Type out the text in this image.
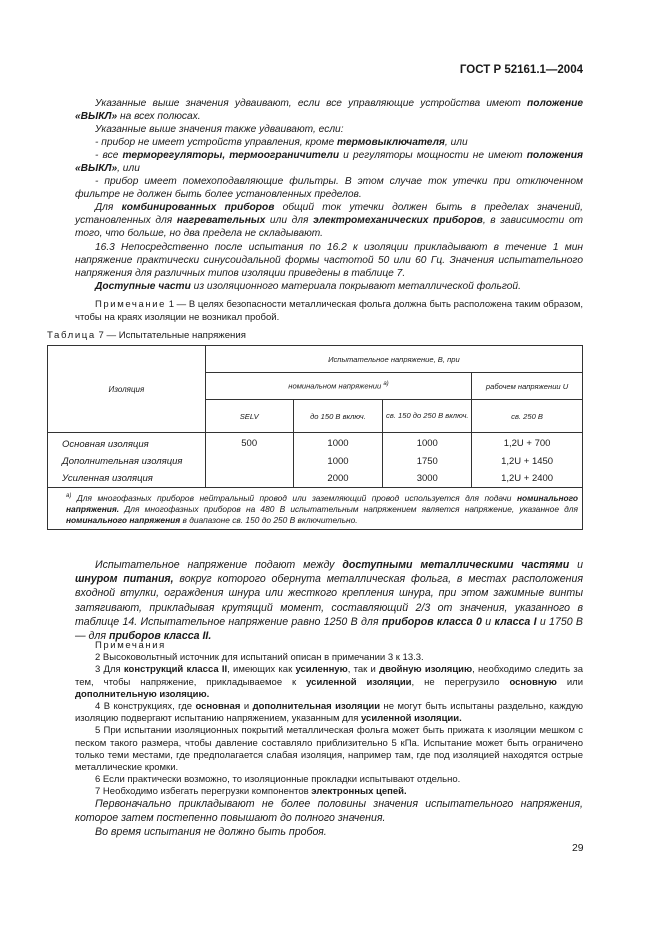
ГОСТ Р 52161.1—2004

Указанные выше значения удваивают, если все управляющие устройства имеют положение «ВЫКЛ» на всех полюсах.

Указанные выше значения также удваивают, если:

- прибор не имеет устройств управления, кроме термовыключателя, или

- все терморегуляторы, термоограничители и регуляторы мощности не имеют положения «ВЫКЛ», или

- прибор имеет помехоподавляющие фильтры. В этом случае ток утечки при отключенном фильтре не должен быть более установленных пределов.

Для комбинированных приборов общий ток утечки должен быть в пределах значений, установленных для нагревательных или для электромеханических приборов, в зависимости от того, что больше, но два предела не складывают.

16.3 Непосредственно после испытания по 16.2 к изоляции прикладывают в течение 1 мин напряжение практически синусоидальной формы частотой 50 или 60 Гц. Значения испытательного напряжения для различных типов изоляции приведены в таблице 7.

Доступные части из изоляционного материала покрывают металлической фольгой.

Примечание 1 — В целях безопасности металлическая фольга должна быть расположена таким образом, чтобы на краях изоляции не возникал пробой.

Таблица 7 — Испытательные напряжения
Изоляция	Испытательное напряжение, В, при			
	номинальном напряжении $^{a)}$			рабочем напряжении U
	SELV	до 150 В включ.	св. 150 до 250 В включ.	св. 250 В
Основная изоляция	500	1000	1000	1,2U + 700
Дополнительная изоляция		1000	1750	1,2U + 1450
Усиленная изоляция		2000	3000	1,2U + 2400
$^{a)}$ Для многофазных приборов нейтральный провод или заземляющий провод используется для подачи номинального напряжения. Для многофазных приборов на 480 В испытательным напряжением является напряжение, указанное для номинального напряжения в диапазоне св. 150 до 250 В включительно.				

Испытательное напряжение подают между доступными металлическими частями и шнуром питания, вокруг которого обернута металлическая фольга, в местах расположения входной втулки, ограждения шнура или жесткого крепления шнура, при этом зажимные винты затягивают, прикладывая крутящий момент, составляющий 2/3 от значения, указанного в таблице 14. Испытательное напряжение равно 1250 В для приборов класса 0 и класса I и 1750 В — для приборов класса II.

Примечания

2 Высоковольтный источник для испытаний описан в примечании 3 к 13.3.

3 Для конструкций класса II, имеющих как усиленную, так и двойную изоляцию, необходимо следить за тем, чтобы напряжение, прикладываемое к усиленной изоляции, не перегрузило основную или дополнительную изоляцию.

4 В конструкциях, где основная и дополнительная изоляции не могут быть испытаны раздельно, каждую изоляцию подвергают испытанию напряжением, указанным для усиленной изоляции.

5 При испытании изоляционных покрытий металлическая фольга может быть прижата к изоляции мешком с песком такого размера, чтобы давление составляло приблизительно 5 кПа. Испытание может быть ограничено только теми местами, где предполагается слабая изоляция, например там, где под изоляцией находятся острые металлические кромки.

6 Если практически возможно, то изоляционные прокладки испытывают отдельно.

7 Необходимо избегать перегрузки компонентов электронных цепей.

Первоначально прикладывают не более половины значения испытательного напряжения, которое затем постепенно повышают до полного значения.

Во время испытания не должно быть пробоя.

29
